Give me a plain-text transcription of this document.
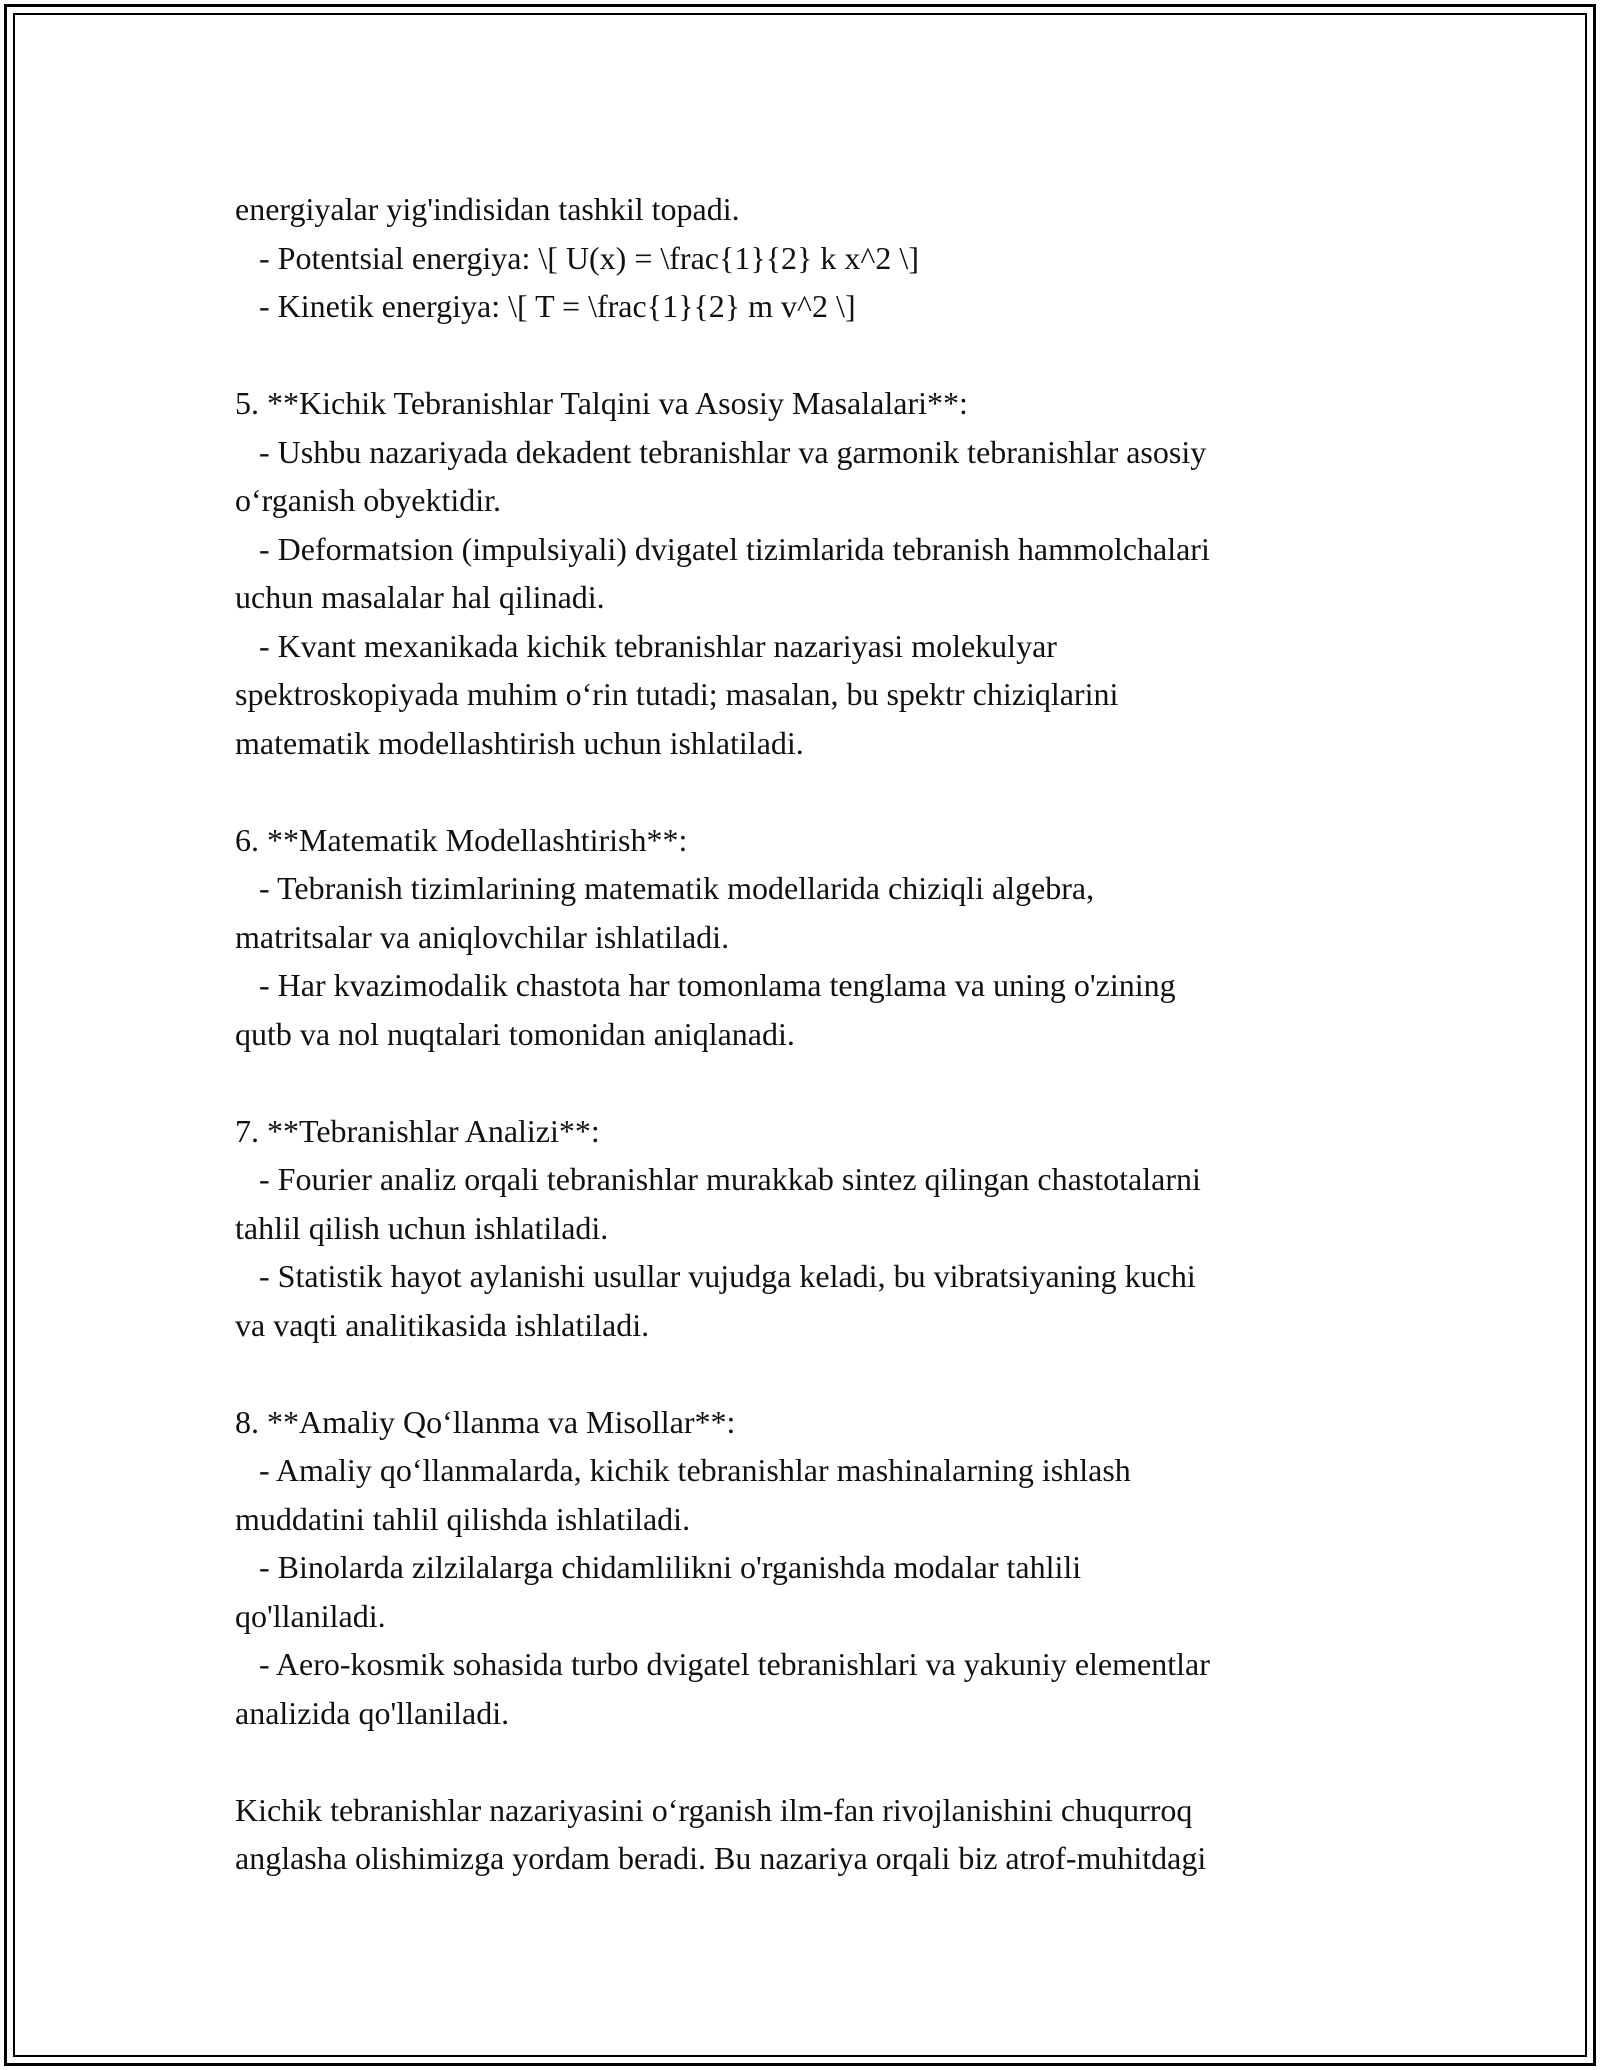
energiyalar yig'indisidan tashkil topadi.
- Potentsial energiya: \[ U(x) = \frac{1}{2} k x^2 \]
- Kinetik energiya: \[ T = \frac{1}{2} m v^2 \]
5. **Kichik Tebranishlar Talqini va Asosiy Masalalari**:
- Ushbu nazariyada dekadent tebranishlar va garmonik tebranishlar asosiy
o‘rganish obyektidir.
- Deformatsion (impulsiyali) dvigatel tizimlarida tebranish hammolchalari
uchun masalalar hal qilinadi.
- Kvant mexanikada kichik tebranishlar nazariyasi molekulyar
spektroskopiyada muhim o‘rin tutadi; masalan, bu spektr chiziqlarini
matematik modellashtirish uchun ishlatiladi.
6. **Matematik Modellashtirish**:
- Tebranish tizimlarining matematik modellarida chiziqli algebra,
matritsalar va aniqlovchilar ishlatiladi.
- Har kvazimodalik chastota har tomonlama tenglama va uning o'zining
qutb va nol nuqtalari tomonidan aniqlanadi.
7. **Tebranishlar Analizi**:
- Fourier analiz orqali tebranishlar murakkab sintez qilingan chastotalarni
tahlil qilish uchun ishlatiladi.
- Statistik hayot aylanishi usullar vujudga keladi, bu vibratsiyaning kuchi
va vaqti analitikasida ishlatiladi.
8. **Amaliy Qo‘llanma va Misollar**:
- Amaliy qo‘llanmalarda, kichik tebranishlar mashinalarning ishlash
muddatini tahlil qilishda ishlatiladi.
- Binolarda zilzilalarga chidamlilikni o'rganishda modalar tahlili
qo'llaniladi.
- Aero-kosmik sohasida turbo dvigatel tebranishlari va yakuniy elementlar
analizida qo'llaniladi.
Kichik tebranishlar nazariyasini o‘rganish ilm-fan rivojlanishini chuqurroq
anglasha olishimizga yordam beradi. Bu nazariya orqali biz atrof-muhitdagi
